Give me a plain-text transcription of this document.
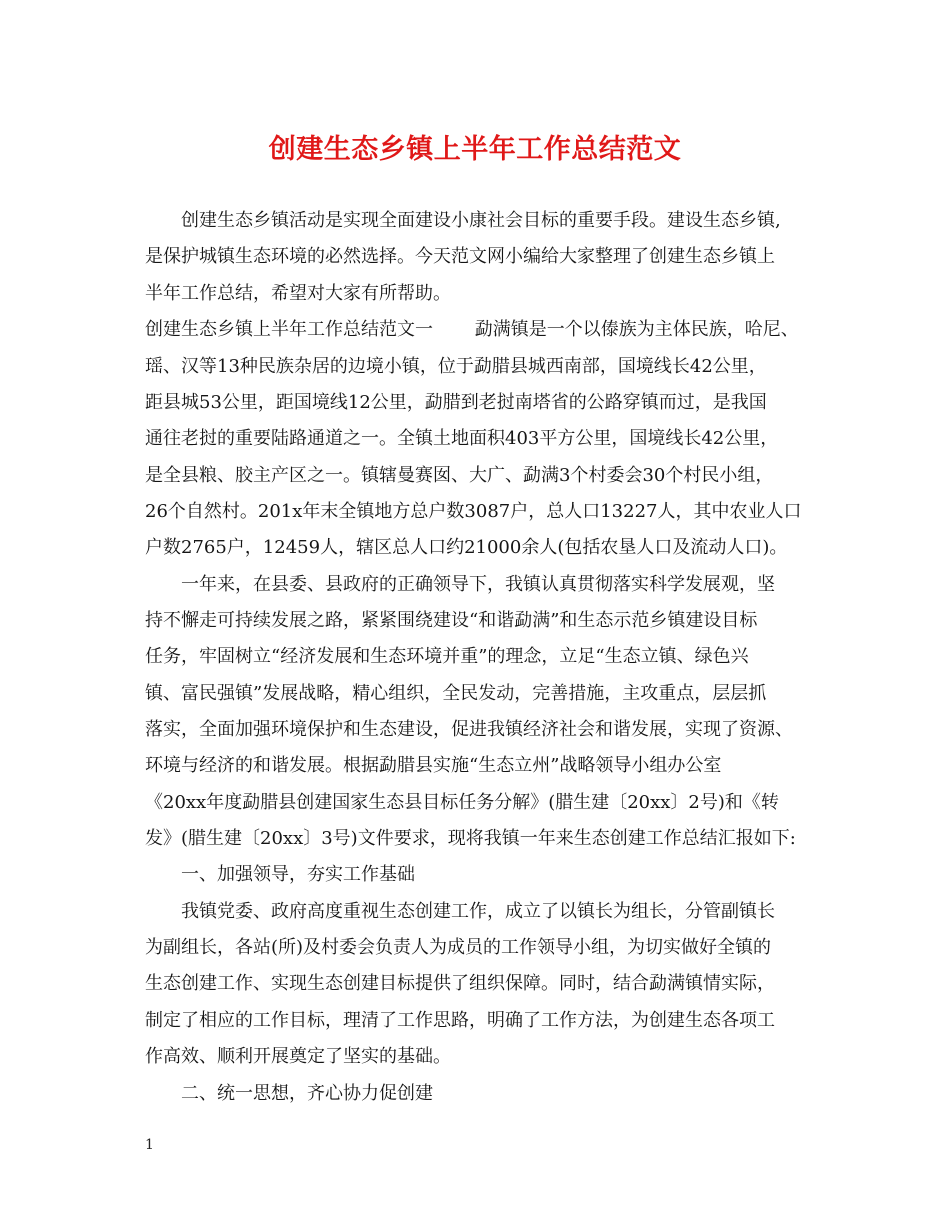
创建生态乡镇上半年工作总结范文
创建生态乡镇活动是实现全面建设小康社会目标的重要手段。建设生态乡镇,
是保护城镇生态环境的必然选择。今天范文网小编给大家整理了创建生态乡镇上
半年工作总结，希望对大家有所帮助。
创建生态乡镇上半年工作总结范文一　　 勐满镇是一个以傣族为主体民族，哈尼、
瑶、汉等13种民族杂居的边境小镇，位于勐腊县城西南部，国境线长42公里，
距县城53公里，距国境线12公里，勐腊到老挝南塔省的公路穿镇而过，是我国
通往老挝的重要陆路通道之一。全镇土地面积403平方公里，国境线长42公里，
是全县粮、胶主产区之一。镇辖曼赛囡、大广、勐满3个村委会30个村民小组，
26个自然村。201x年末全镇地方总户数3087户，总人口13227人，其中农业人口
户数2765户，12459人，辖区总人口约21000余人(包括农垦人口及流动人口)。
一年来，在县委、县政府的正确领导下，我镇认真贯彻落实科学发展观，坚
持不懈走可持续发展之路，紧紧围绕建设“和谐勐满”和生态示范乡镇建设目标
任务，牢固树立“经济发展和生态环境并重”的理念，立足“生态立镇、绿色兴
镇、富民强镇”发展战略，精心组织，全民发动，完善措施，主攻重点，层层抓
落实，全面加强环境保护和生态建设，促进我镇经济社会和谐发展，实现了资源、
环境与经济的和谐发展。根据勐腊县实施“生态立州”战略领导小组办公室
《20xx年度勐腊县创建国家生态县目标任务分解》(腊生建〔20xx〕2号)和《转
发》(腊生建〔20xx〕3号)文件要求，现将我镇一年来生态创建工作总结汇报如下:
一、加强领导，夯实工作基础
我镇党委、政府高度重视生态创建工作，成立了以镇长为组长，分管副镇长
为副组长，各站(所)及村委会负责人为成员的工作领导小组，为切实做好全镇的
生态创建工作、实现生态创建目标提供了组织保障。同时，结合勐满镇情实际，
制定了相应的工作目标，理清了工作思路，明确了工作方法，为创建生态各项工
作高效、顺利开展奠定了坚实的基础。
二、统一思想，齐心协力促创建
1
